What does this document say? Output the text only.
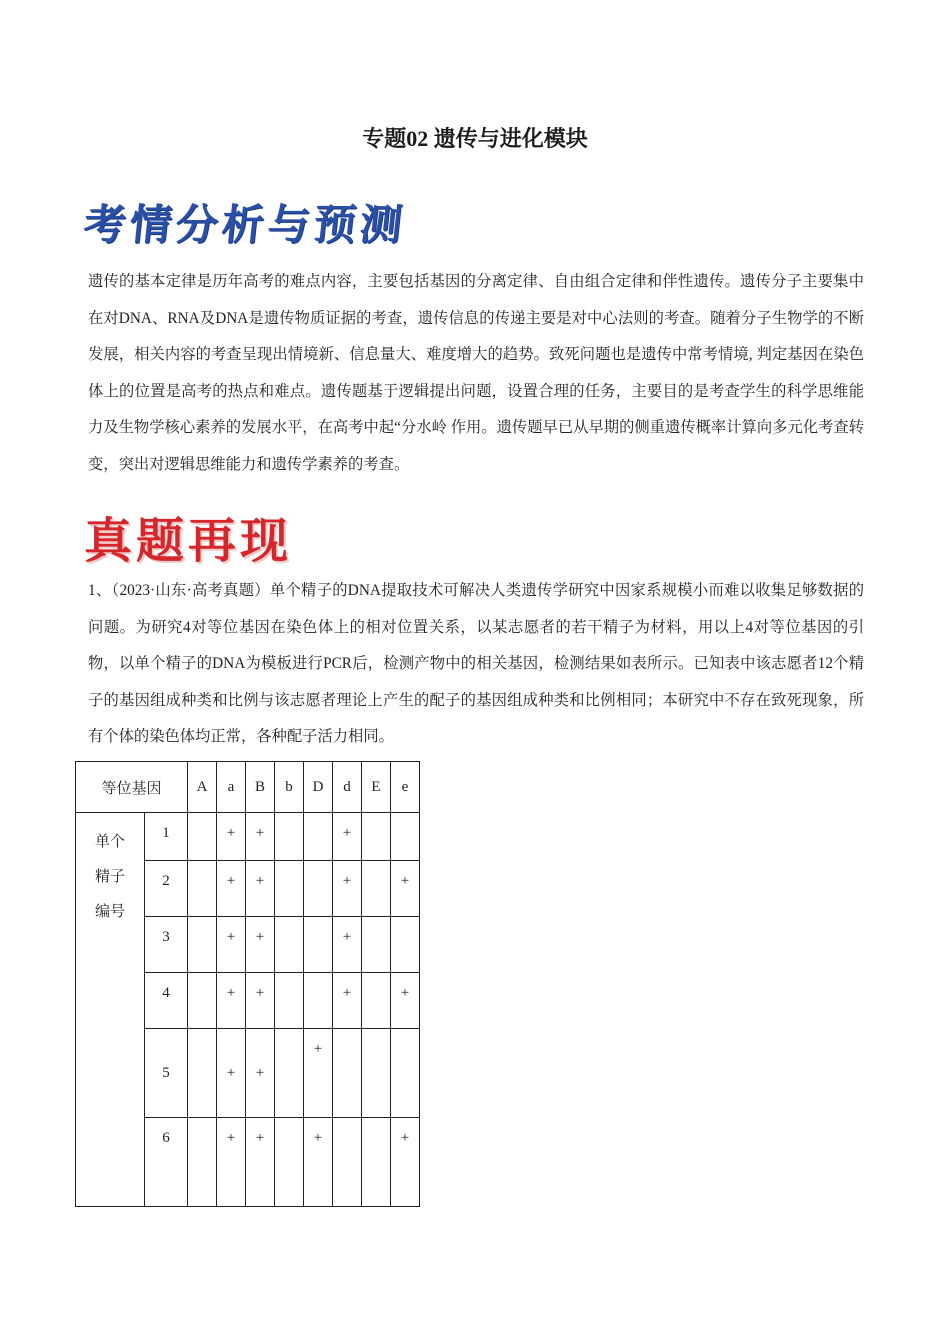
专题02 遗传与进化模块
考情分析与预测
遗传的基本定律是历年高考的难点内容，主要包括基因的分离定律、自由组合定律和伴性遗传。遗传分子主要集中在对DNA、RNA及DNA是遗传物质证据的考查，遗传信息的传递主要是对中心法则的考查。随着分子生物学的不断发展，相关内容的考查呈现出情境新、信息量大、难度增大的趋势。致死问题也是遗传中常考情境, 判定基因在染色体上的位置是高考的热点和难点。遗传题基于逻辑提出问题，设置合理的任务，主要目的是考查学生的科学思维能力及生物学核心素养的发展水平，在高考中起“分水岭 作用。遗传题早已从早期的侧重遗传概率计算向多元化考查转变，突出对逻辑思维能力和遗传学素养的考查。
真题再现
1、（2023·山东·高考真题）单个精子的DNA提取技术可解决人类遗传学研究中因家系规模小而难以收集足够数据的问题。为研究4对等位基因在染色体上的相对位置关系，以某志愿者的若干精子为材料，用以上4对等位基因的引物，以单个精子的DNA为模板进行PCR后，检测产物中的相关基因，检测结果如表所示。已知表中该志愿者12个精子的基因组成种类和比例与该志愿者理论上产生的配子的基因组成种类和比例相同；本研究中不存在致死现象，所有个体的染色体均正常，各种配子活力相同。
等位基因		A	a	B	b	D	d	E	e
单个精子编号	1		+	+			+		
	2		+	+			+		+
	3		+	+			+		
	4		+	+			+		+
	5		+	+		+			
	6		+	+		+			+
